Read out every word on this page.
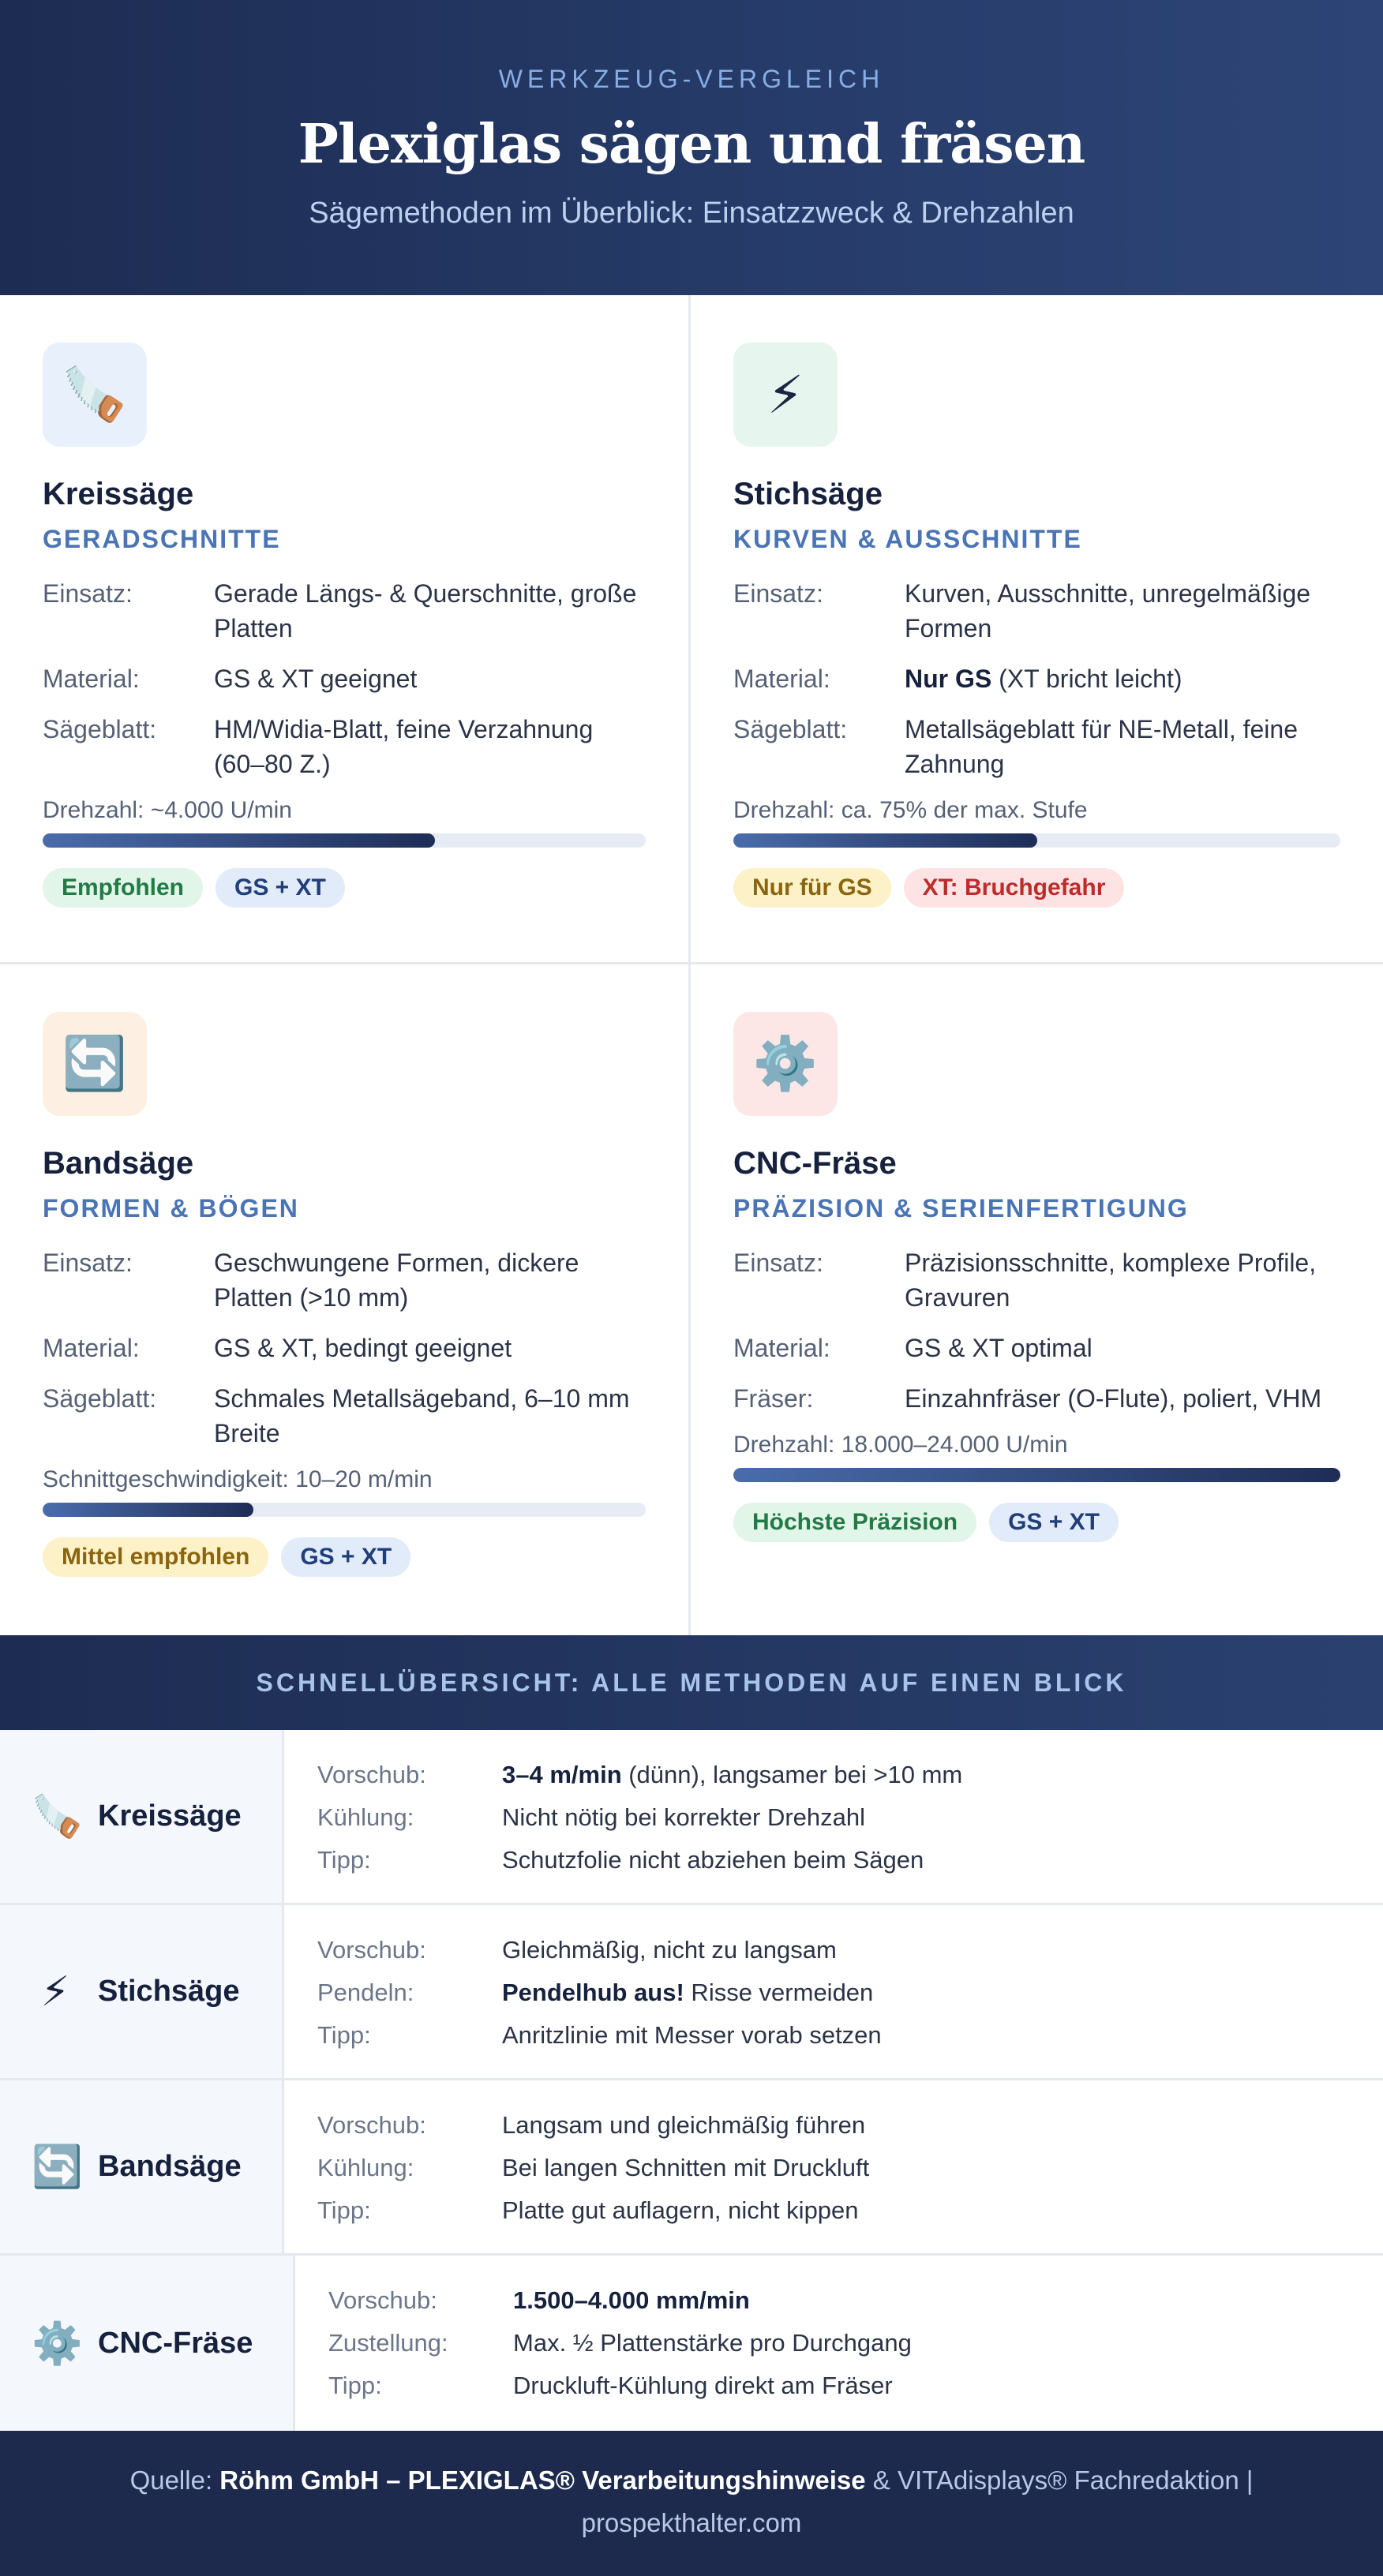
WERKZEUG-VERGLEICH
Plexiglas sägen und fräsen
Sägemethoden im Überblick: Einsatzzweck & Drehzahlen
🪚
Kreissäge
GERADSCHNITTE
Einsatz:	Gerade Längs- & Querschnitte, große Platten
Material:	GS & XT geeignet
Sägeblatt:	HM/Widia-Blatt, feine Verzahnung (60–80 Z.)
Drehzahl: ~4.000 U/min
Empfohlen	GS + XT
⚡
Stichsäge
KURVEN & AUSSCHNITTE
Einsatz:	Kurven, Ausschnitte, unregelmäßige Formen
Material:	Nur GS (XT bricht leicht)
Sägeblatt:	Metallsägeblatt für NE-Metall, feine Zahnung
Drehzahl: ca. 75% der max. Stufe
Nur für GS	XT: Bruchgefahr
🔄
Bandsäge
FORMEN & BÖGEN
Einsatz:	Geschwungene Formen, dickere Platten (>10 mm)
Material:	GS & XT, bedingt geeignet
Sägeblatt:	Schmales Metallsägeband, 6–10 mm Breite
Schnittgeschwindigkeit: 10–20 m/min
Mittel empfohlen	GS + XT
⚙️
CNC-Fräse
PRÄZISION & SERIENFERTIGUNG
Einsatz:	Präzisionsschnitte, komplexe Profile, Gravuren
Material:	GS & XT optimal
Fräser:	Einzahnfräser (O-Flute), poliert, VHM
Drehzahl: 18.000–24.000 U/min
Höchste Präzision	GS + XT
SCHNELLÜBERSICHT: ALLE METHODEN AUF EINEN BLICK
🪚 Kreissäge
Vorschub:	3–4 m/min (dünn), langsamer bei >10 mm
Kühlung:	Nicht nötig bei korrekter Drehzahl
Tipp:	Schutzfolie nicht abziehen beim Sägen
⚡ Stichsäge
Vorschub:	Gleichmäßig, nicht zu langsam
Pendeln:	Pendelhub aus! Risse vermeiden
Tipp:	Anritzlinie mit Messer vorab setzen
🔄 Bandsäge
Vorschub:	Langsam und gleichmäßig führen
Kühlung:	Bei langen Schnitten mit Druckluft
Tipp:	Platte gut auflagern, nicht kippen
⚙️ CNC-Fräse
Vorschub:	1.500–4.000 mm/min
Zustellung:	Max. ½ Plattenstärke pro Durchgang
Tipp:	Druckluft-Kühlung direkt am Fräser
Quelle: Röhm GmbH – PLEXIGLAS® Verarbeitungshinweise & VITAdisplays® Fachredaktion |
prospekthalter.com
